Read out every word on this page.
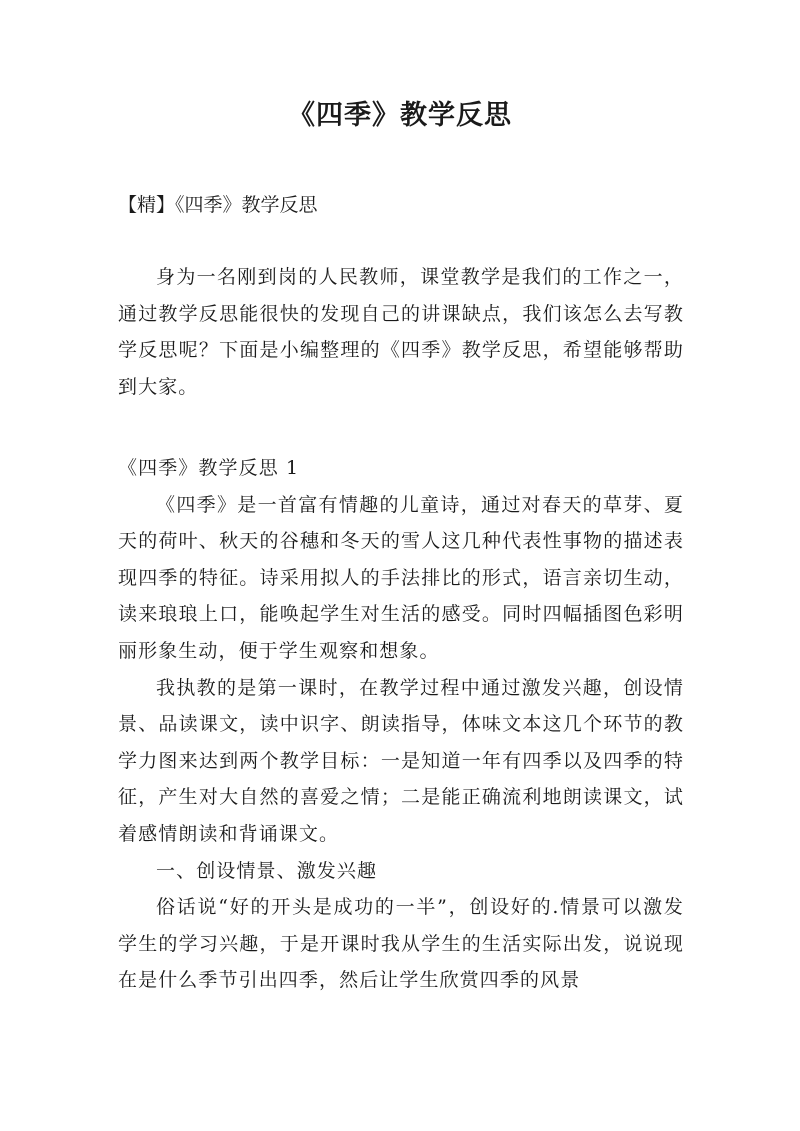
《四季》教学反思
【精】《四季》教学反思

身为一名刚到岗的人民教师，课堂教学是我们的工作之一，通过教学反思能很快的发现自己的讲课缺点，我们该怎么去写教学反思呢？下面是小编整理的《四季》教学反思，希望能够帮助到大家。

《四季》教学反思 1

《四季》是一首富有情趣的儿童诗，通过对春天的草芽、夏天的荷叶、秋天的谷穗和冬天的雪人这几种代表性事物的描述表现四季的特征。诗采用拟人的手法排比的形式，语言亲切生动，读来琅琅上口，能唤起学生对生活的感受。同时四幅插图色彩明丽形象生动，便于学生观察和想象。

我执教的是第一课时，在教学过程中通过激发兴趣，创设情景、品读课文，读中识字、朗读指导，体味文本这几个环节的教学力图来达到两个教学目标：一是知道一年有四季以及四季的特征，产生对大自然的喜爱之情；二是能正确流利地朗读课文，试着感情朗读和背诵课文。

一、创设情景、激发兴趣

俗话说“好的开头是成功的一半”，创设好的.情景可以激发学生的学习兴趣，于是开课时我从学生的生活实际出发，说说现在是什么季节引出四季，然后让学生欣赏四季的风景
